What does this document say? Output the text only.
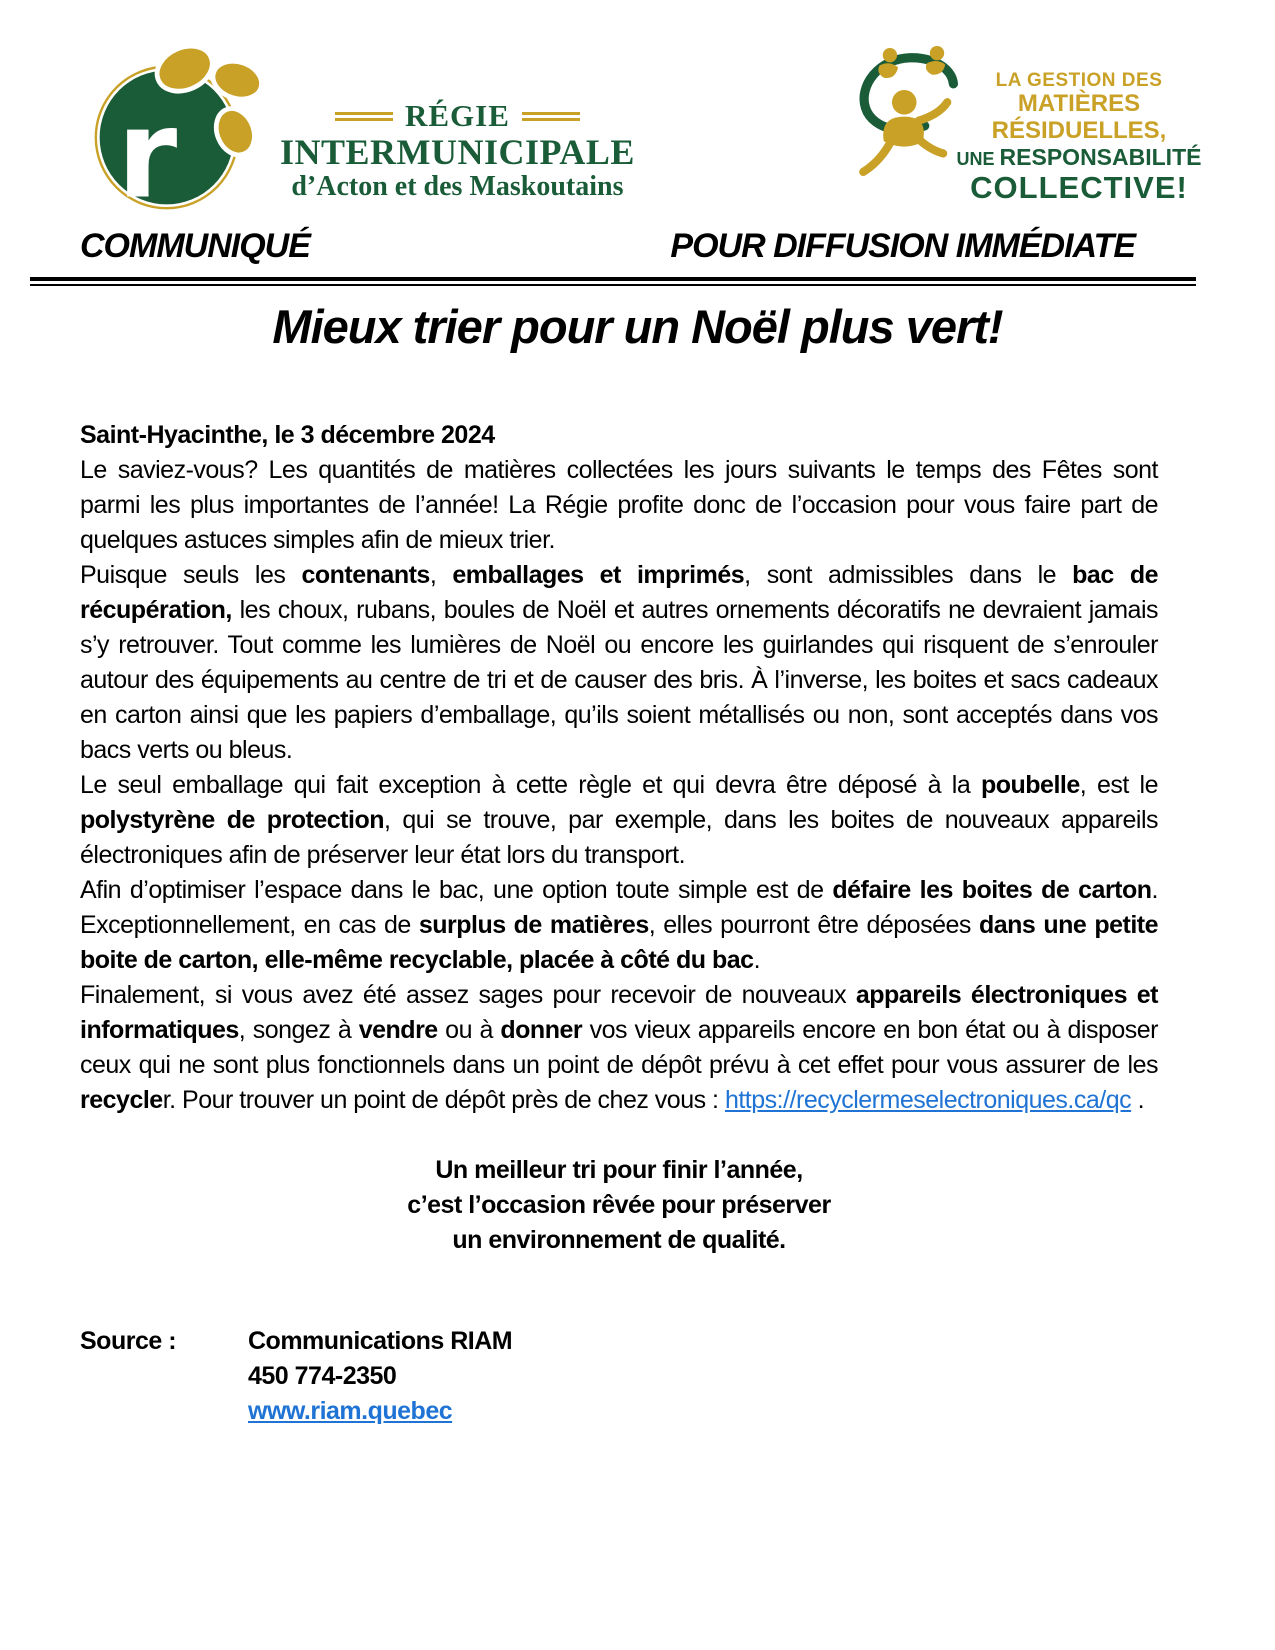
r	RÉGIE
INTERMUNICIPALE
d’Acton et des Maskoutains
LA GESTION DES
MATIÈRES RÉSIDUELLES,
UNE RESPONSABILITÉ
COLLECTIVE!
COMMUNIQUÉ	POUR DIFFUSION IMMÉDIATE
Mieux trier pour un Noël plus vert!

Saint-Hyacinthe, le 3 décembre 2024

Le saviez-vous? Les quantités de matières collectées les jours suivants le temps des Fêtes sont parmi les plus importantes de l’année! La Régie profite donc de l’occasion pour vous faire part de quelques astuces simples afin de mieux trier.

Puisque seuls les contenants, emballages et imprimés, sont admissibles dans le bac de récupération, les choux, rubans, boules de Noël et autres ornements décoratifs ne devraient jamais s’y retrouver. Tout comme les lumières de Noël ou encore les guirlandes qui risquent de s’enrouler autour des équipements au centre de tri et de causer des bris. À l’inverse, les boites et sacs cadeaux en carton ainsi que les papiers d’emballage, qu’ils soient métallisés ou non, sont acceptés dans vos bacs verts ou bleus.

Le seul emballage qui fait exception à cette règle et qui devra être déposé à la poubelle, est le polystyrène de protection, qui se trouve, par exemple, dans les boites de nouveaux appareils électroniques afin de préserver leur état lors du transport.

Afin d’optimiser l’espace dans le bac, une option toute simple est de défaire les boites de carton. Exceptionnellement, en cas de surplus de matières, elles pourront être déposées dans une petite boite de carton, elle-même recyclable, placée à côté du bac.

Finalement, si vous avez été assez sages pour recevoir de nouveaux appareils électroniques et informatiques, songez à vendre ou à donner vos vieux appareils encore en bon état ou à disposer ceux qui ne sont plus fonctionnels dans un point de dépôt prévu à cet effet pour vous assurer de les recycler. Pour trouver un point de dépôt près de chez vous : https://recyclermeselectroniques.ca/qc .

Un meilleur tri pour finir l’année,
c’est l’occasion rêvée pour préserver
un environnement de qualité.
Source :	Communications RIAM
450 774-2350
www.riam.quebec
